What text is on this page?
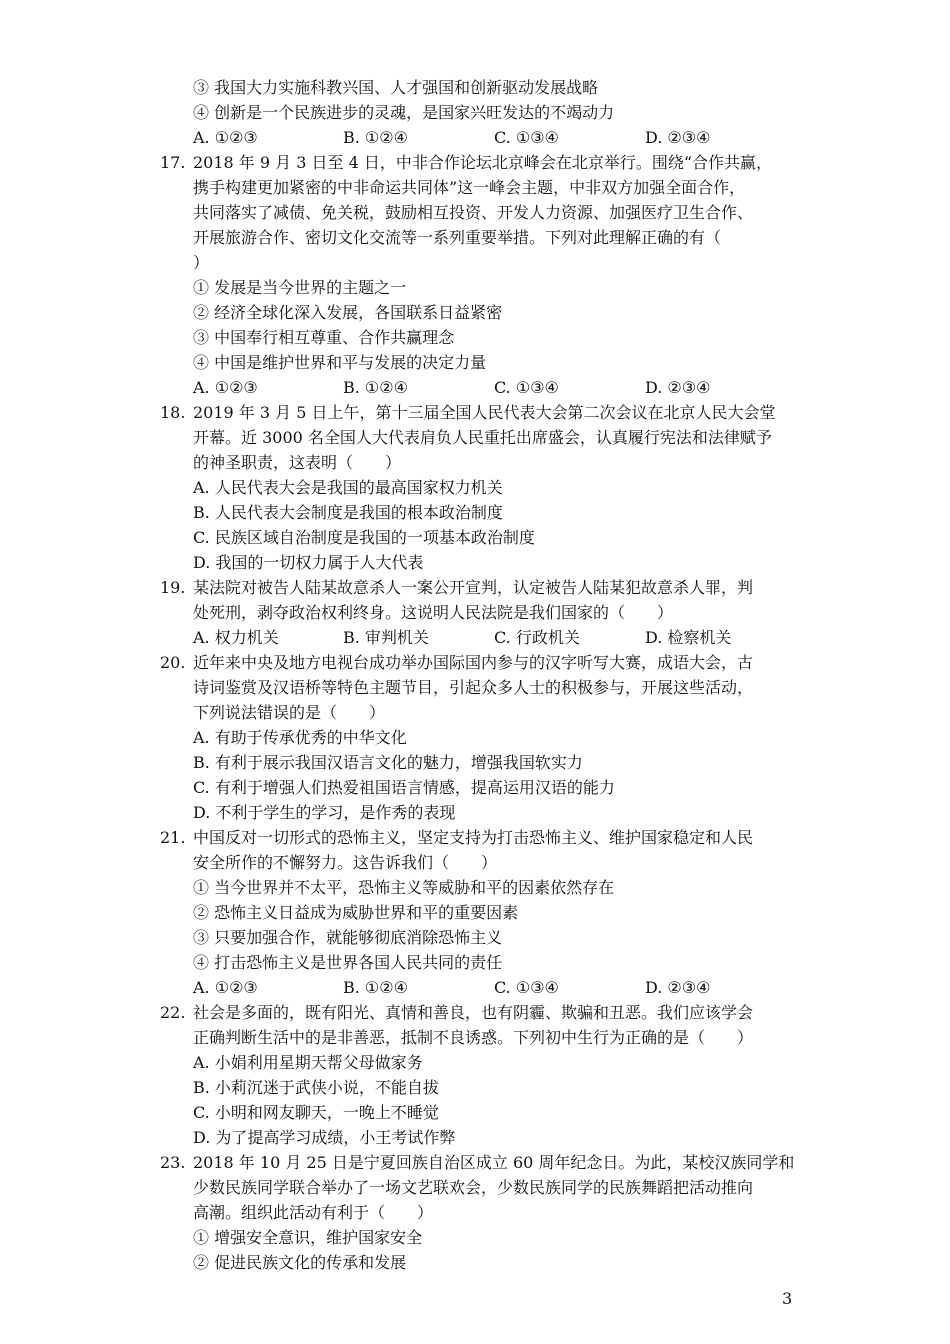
③ 我国大力实施科教兴国、人才强国和创新驱动发展战略
④ 创新是一个民族进步的灵魂，是国家兴旺发达的不竭动力
A. ①②③	B. ①②④	C. ①③④	D. ②③④
17. 2018 年 9 月 3 日至 4 日，中非合作论坛北京峰会在北京举行。围绕“合作共赢，
携手构建更加紧密的中非命运共同体”这一峰会主题，中非双方加强全面合作，
共同落实了减债、免关税，鼓励相互投资、开发人力资源、加强医疗卫生合作、
开展旅游合作、密切文化交流等一系列重要举措。下列对此理解正确的有（
）
① 发展是当今世界的主题之一
② 经济全球化深入发展，各国联系日益紧密
③ 中国奉行相互尊重、合作共赢理念
④ 中国是维护世界和平与发展的决定力量
A. ①②③	B. ①②④	C. ①③④	D. ②③④
18. 2019 年 3 月 5 日上午，第十三届全国人民代表大会第二次会议在北京人民大会堂
开幕。近 3000 名全国人大代表肩负人民重托出席盛会，认真履行宪法和法律赋予
的神圣职责，这表明（　　）
A. 人民代表大会是我国的最高国家权力机关
B. 人民代表大会制度是我国的根本政治制度
C. 民族区域自治制度是我国的一项基本政治制度
D. 我国的一切权力属于人大代表
19. 某法院对被告人陆某故意杀人一案公开宣判，认定被告人陆某犯故意杀人罪，判
处死刑，剥夺政治权利终身。这说明人民法院是我们国家的（　　）
A. 权力机关	B. 审判机关	C. 行政机关	D. 检察机关
20. 近年来中央及地方电视台成功举办国际国内参与的汉字听写大赛，成语大会，古
诗词鉴赏及汉语桥等特色主题节目，引起众多人士的积极参与，开展这些活动，
下列说法错误的是（　　）
A. 有助于传承优秀的中华文化
B. 有利于展示我国汉语言文化的魅力，增强我国软实力
C. 有利于增强人们热爱祖国语言情感，提高运用汉语的能力
D. 不利于学生的学习，是作秀的表现
21. 中国反对一切形式的恐怖主义，坚定支持为打击恐怖主义、维护国家稳定和人民
安全所作的不懈努力。这告诉我们（　　）
① 当今世界并不太平，恐怖主义等威胁和平的因素依然存在
② 恐怖主义日益成为威胁世界和平的重要因素
③ 只要加强合作，就能够彻底消除恐怖主义
④ 打击恐怖主义是世界各国人民共同的责任
A. ①②③	B. ①②④	C. ①③④	D. ②③④
22. 社会是多面的，既有阳光、真情和善良，也有阴霾、欺骗和丑恶。我们应该学会
正确判断生活中的是非善恶，抵制不良诱惑。下列初中生行为正确的是（　　）
A. 小娟利用星期天帮父母做家务
B. 小莉沉迷于武侠小说，不能自拔
C. 小明和网友聊天，一晚上不睡觉
D. 为了提高学习成绩，小王考试作弊
23. 2018 年 10 月 25 日是宁夏回族自治区成立 60 周年纪念日。为此，某校汉族同学和
少数民族同学联合举办了一场文艺联欢会，少数民族同学的民族舞蹈把活动推向
高潮。组织此活动有利于（　　）
① 增强安全意识，维护国家安全
② 促进民族文化的传承和发展
3
